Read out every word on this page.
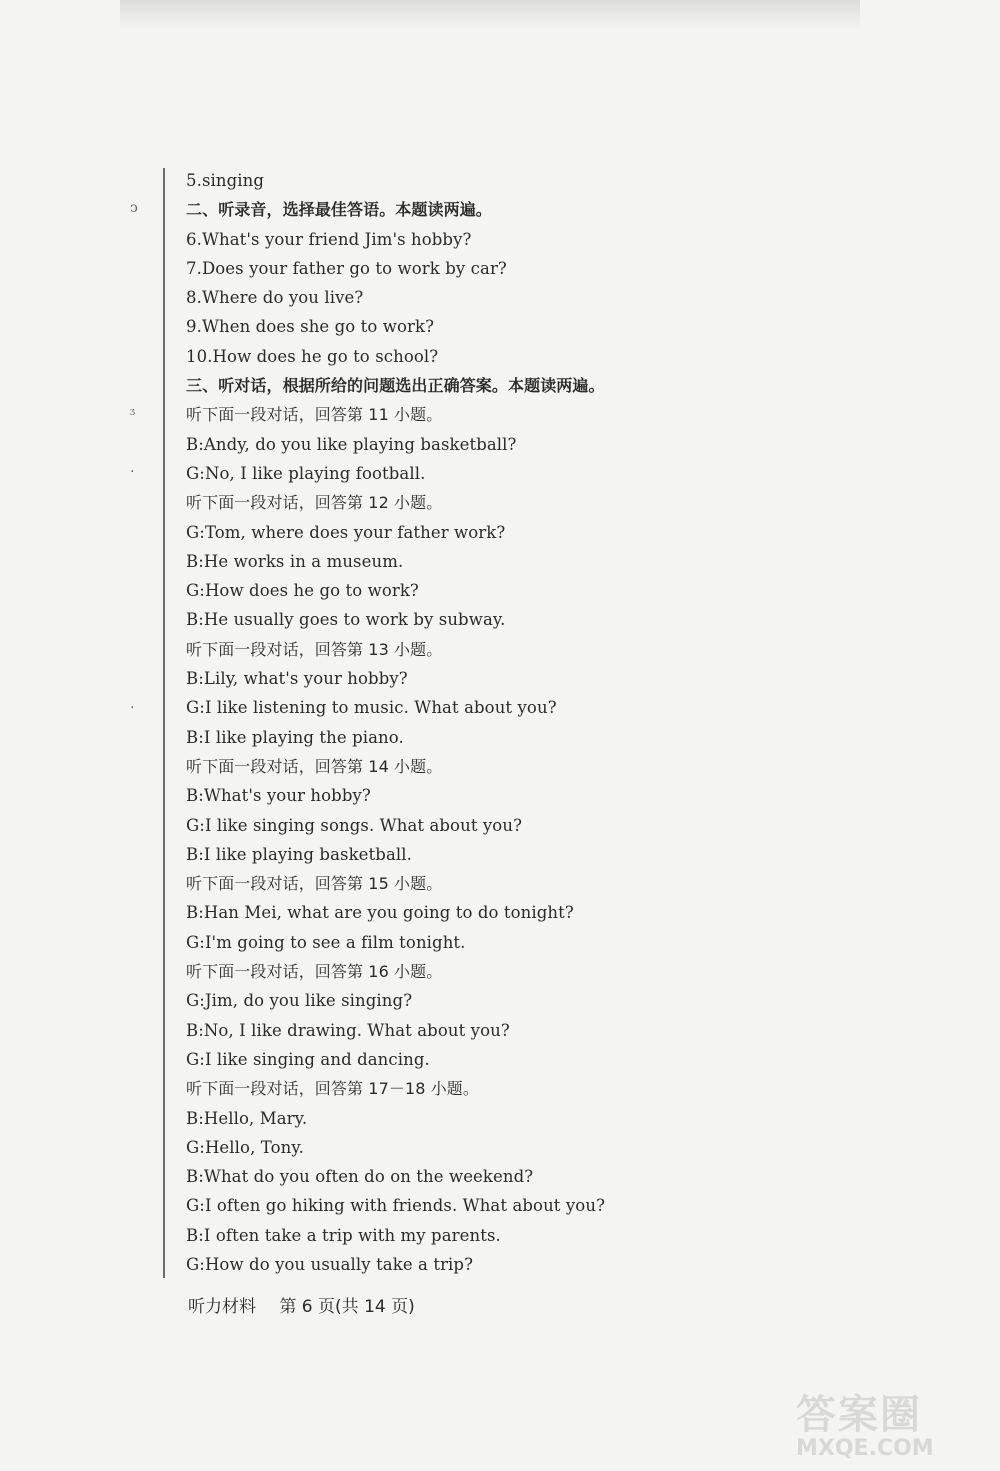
ↄ
ᶾ
·
·
5.singing
二、听录音，选择最佳答语。本题读两遍。
6.What's your friend Jim's hobby?
7.Does your father go to work by car?
8.Where do you live?
9.When does she go to work?
10.How does he go to school?
三、听对话，根据所给的问题选出正确答案。本题读两遍。
听下面一段对话，回答第 11 小题。
B:Andy, do you like playing basketball?
G:No, I like playing football.
听下面一段对话，回答第 12 小题。
G:Tom, where does your father work?
B:He works in a museum.
G:How does he go to work?
B:He usually goes to work by subway.
听下面一段对话，回答第 13 小题。
B:Lily, what's your hobby?
G:I like listening to music. What about you?
B:I like playing the piano.
听下面一段对话，回答第 14 小题。
B:What's your hobby?
G:I like singing songs. What about you?
B:I like playing basketball.
听下面一段对话，回答第 15 小题。
B:Han Mei, what are you going to do tonight?
G:I'm going to see a film tonight.
听下面一段对话，回答第 16 小题。
G:Jim, do you like singing?
B:No, I like drawing. What about you?
G:I like singing and dancing.
听下面一段对话，回答第 17－18 小题。
B:Hello, Mary.
G:Hello, Tony.
B:What do you often do on the weekend?
G:I often go hiking with friends. What about you?
B:I often take a trip with my parents.
G:How do you usually take a trip?
听力材料 第 6 页(共 14 页)
答案圈
MXQE.COM
